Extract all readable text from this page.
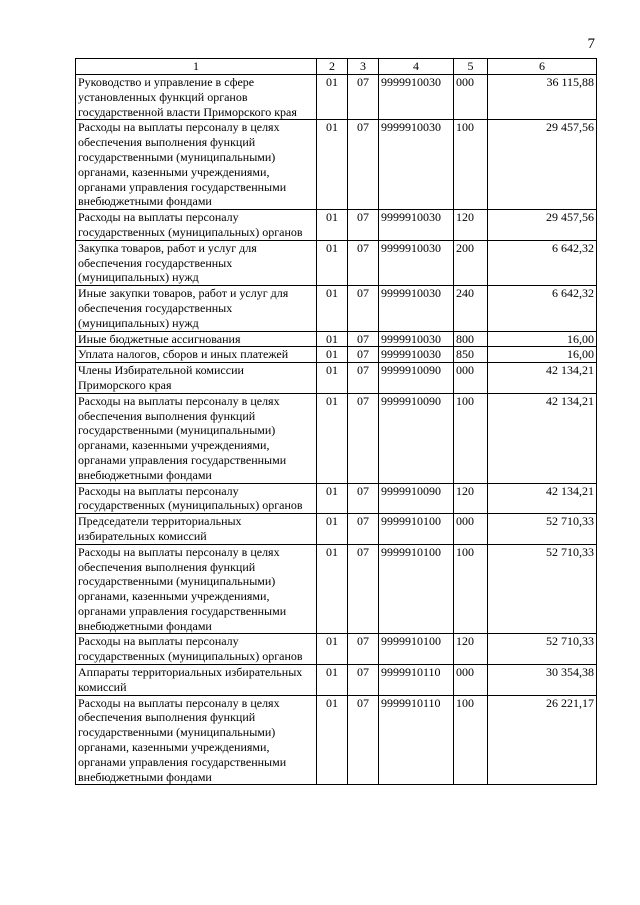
7
1	2	3	4	5	6
Руководство и управление в сфере установленных функций органов государственной власти Приморского края	01	07	9999910030	000	36 115,88
Расходы на выплаты персоналу в целях обеспечения выполнения функций государственными (муниципальными) органами, казенными учреждениями, органами управления государственными внебюджетными фондами	01	07	9999910030	100	29 457,56
Расходы на выплаты персоналу государственных (муниципальных) органов	01	07	9999910030	120	29 457,56
Закупка товаров, работ и услуг для обеспечения государственных (муниципальных) нужд	01	07	9999910030	200	6 642,32
Иные закупки товаров, работ и услуг для обеспечения государственных (муниципальных) нужд	01	07	9999910030	240	6 642,32
Иные бюджетные ассигнования	01	07	9999910030	800	16,00
Уплата налогов, сборов и иных платежей	01	07	9999910030	850	16,00
Члены Избирательной комиссии Приморского края	01	07	9999910090	000	42 134,21
Расходы на выплаты персоналу в целях обеспечения выполнения функций государственными (муниципальными) органами, казенными учреждениями, органами управления государственными внебюджетными фондами	01	07	9999910090	100	42 134,21
Расходы на выплаты персоналу государственных (муниципальных) органов	01	07	9999910090	120	42 134,21
Председатели территориальных избирательных комиссий	01	07	9999910100	000	52 710,33
Расходы на выплаты персоналу в целях обеспечения выполнения функций государственными (муниципальными) органами, казенными учреждениями, органами управления государственными внебюджетными фондами	01	07	9999910100	100	52 710,33
Расходы на выплаты персоналу государственных (муниципальных) органов	01	07	9999910100	120	52 710,33
Аппараты территориальных избирательных комиссий	01	07	9999910110	000	30 354,38
Расходы на выплаты персоналу в целях обеспечения выполнения функций государственными (муниципальными) органами, казенными учреждениями, органами управления государственными внебюджетными фондами	01	07	9999910110	100	26 221,17
